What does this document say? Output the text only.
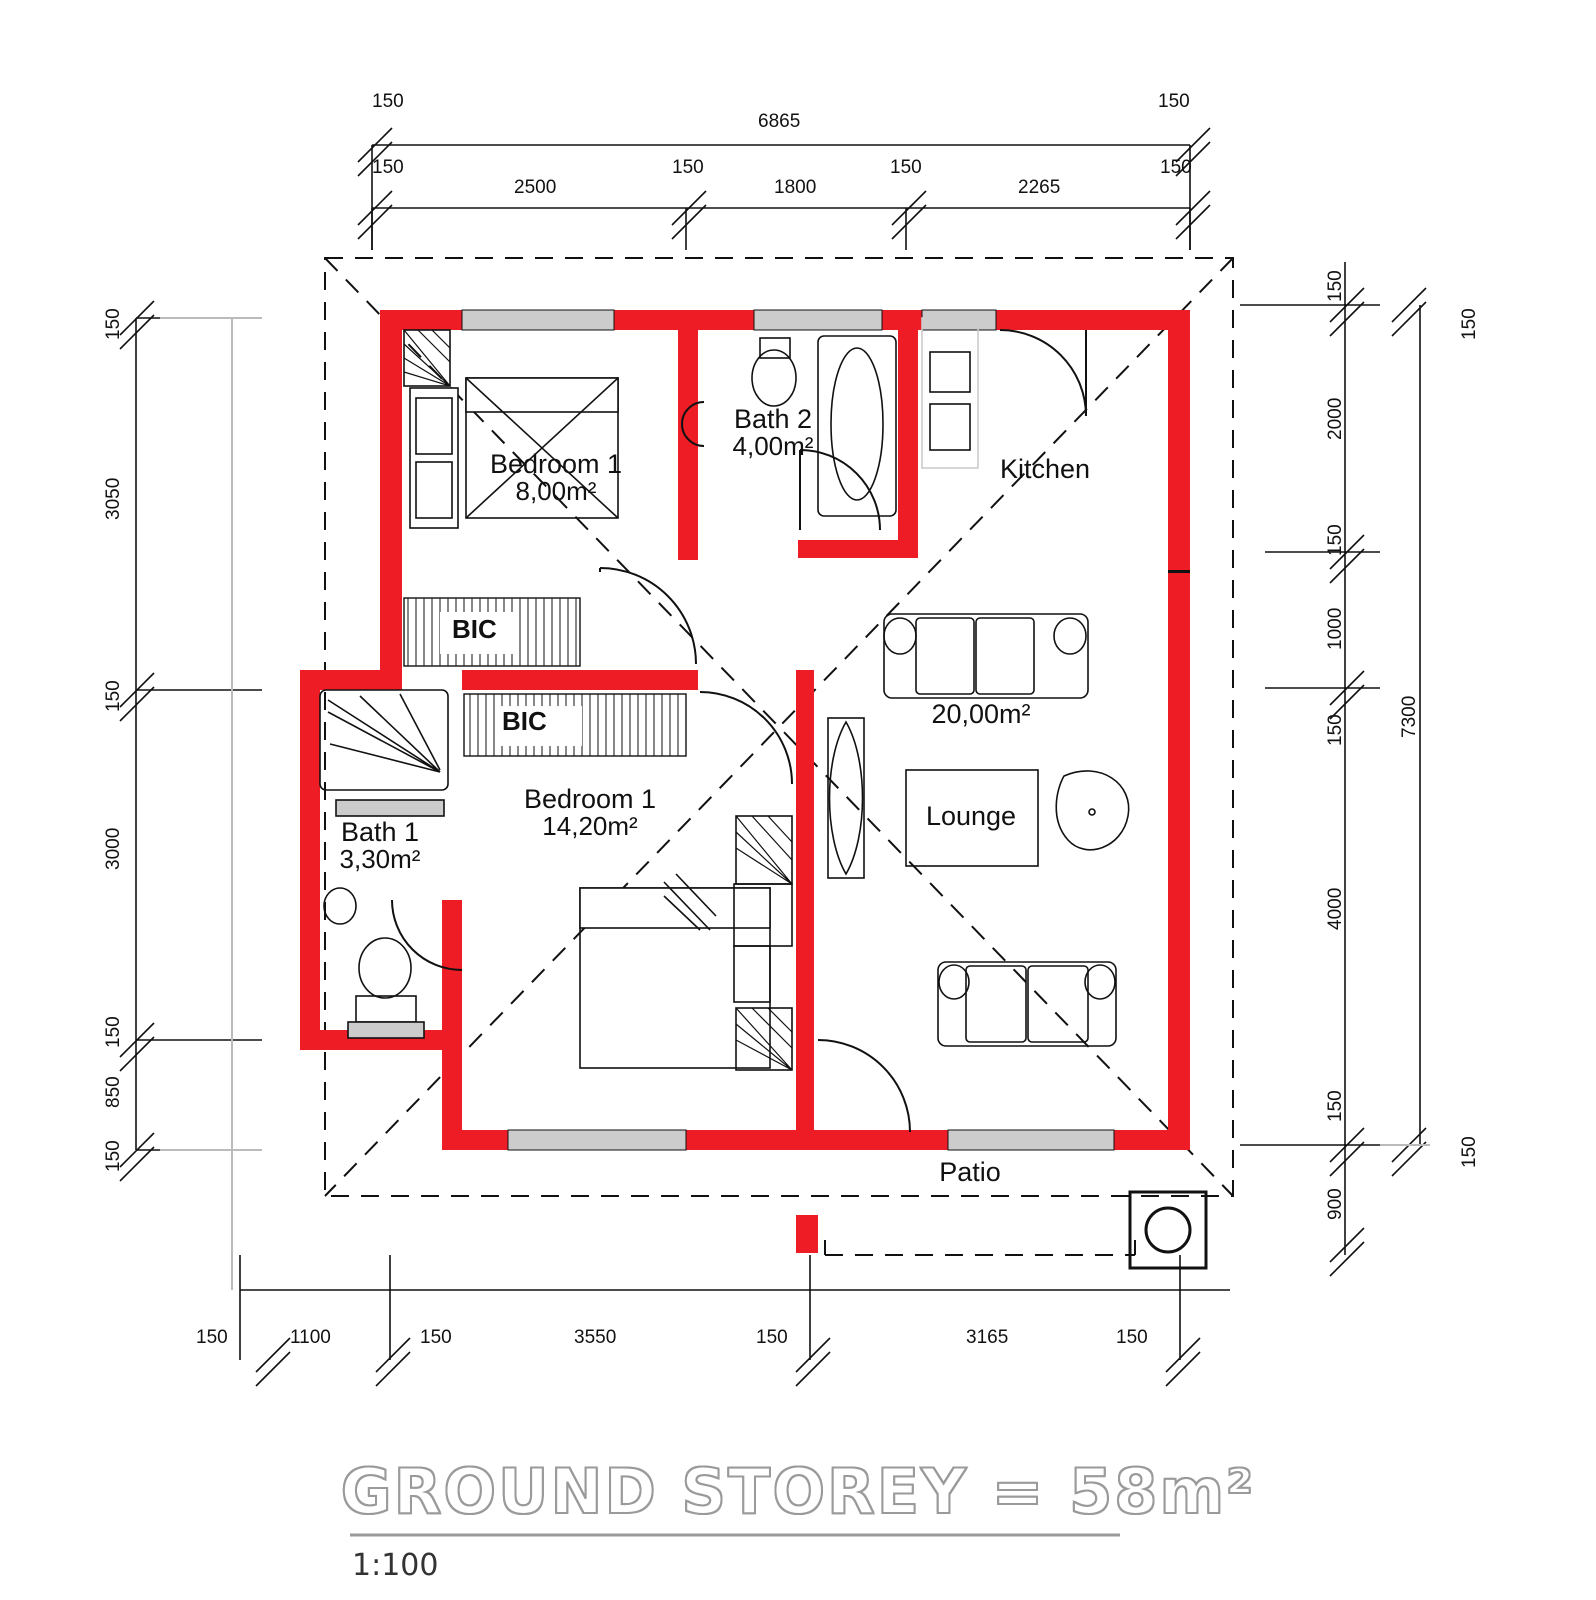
150
6865
150
150
2500
150
1800
150
2265
150
150
3050
150
3000
150
850
150
150
2000
150
1000
150
4000
150
900
150
7300
150
150	1100	150	3550	150	3165	150
Bedroom 1
8,00m²
Bath 2
4,00m²
Kitchen
Bath 1
3,30m²
Bedroom 1
14,20m²
20,00m²
Lounge
Patio
BIC
BIC
GROUND STOREY = 58m²
1:100
